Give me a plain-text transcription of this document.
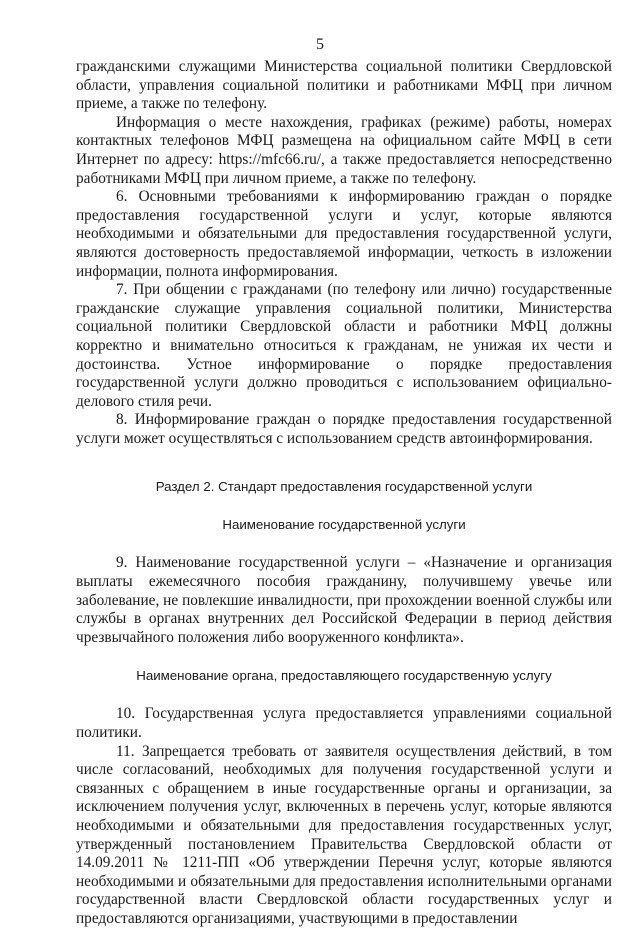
5

гражданскими служащими Министерства социальной политики Свердловской области, управления социальной политики и работниками МФЦ при личном приеме, а также по телефону.

Информация о месте нахождения, графиках (режиме) работы, номерах контактных телефонов МФЦ размещена на официальном сайте МФЦ в сети Интернет по адресу: https://mfc66.ru/, а также предоставляется непосредственно работниками МФЦ при личном приеме, а также по телефону.

6. Основными требованиями к информированию граждан о порядке предоставления государственной услуги и услуг, которые являются необходимыми и обязательными для предоставления государственной услуги, являются достоверность предоставляемой информации, четкость в изложении информации, полнота информирования.

7. При общении с гражданами (по телефону или лично) государственные гражданские служащие управления социальной политики, Министерства социальной политики Свердловской области и работники МФЦ должны корректно и внимательно относиться к гражданам, не унижая их чести и достоинства. Устное информирование о порядке предоставления государственной услуги должно проводиться с использованием официально-делового стиля речи.

8. Информирование граждан о порядке предоставления государственной услуги может осуществляться с использованием средств автоинформирования.

Раздел 2. Стандарт предоставления государственной услуги

Наименование государственной услуги

9. Наименование государственной услуги – «Назначение и организация выплаты ежемесячного пособия гражданину, получившему увечье или заболевание, не повлекшие инвалидности, при прохождении военной службы или службы в органах внутренних дел Российской Федерации в период действия чрезвычайного положения либо вооруженного конфликта».

Наименование органа, предоставляющего государственную услугу

10. Государственная услуга предоставляется управлениями социальной политики.

11. Запрещается требовать от заявителя осуществления действий, в том числе согласований, необходимых для получения государственной услуги и связанных с обращением в иные государственные органы и организации, за исключением получения услуг, включенных в перечень услуг, которые являются необходимыми и обязательными для предоставления государственных услуг, утвержденный постановлением Правительства Свердловской области от 14.09.2011 № 1211-ПП «Об утверждении Перечня услуг, которые являются необходимыми и обязательными для предоставления исполнительными органами государственной власти Свердловской области государственных услуг и предоставляются организациями, участвующими в предоставлении
